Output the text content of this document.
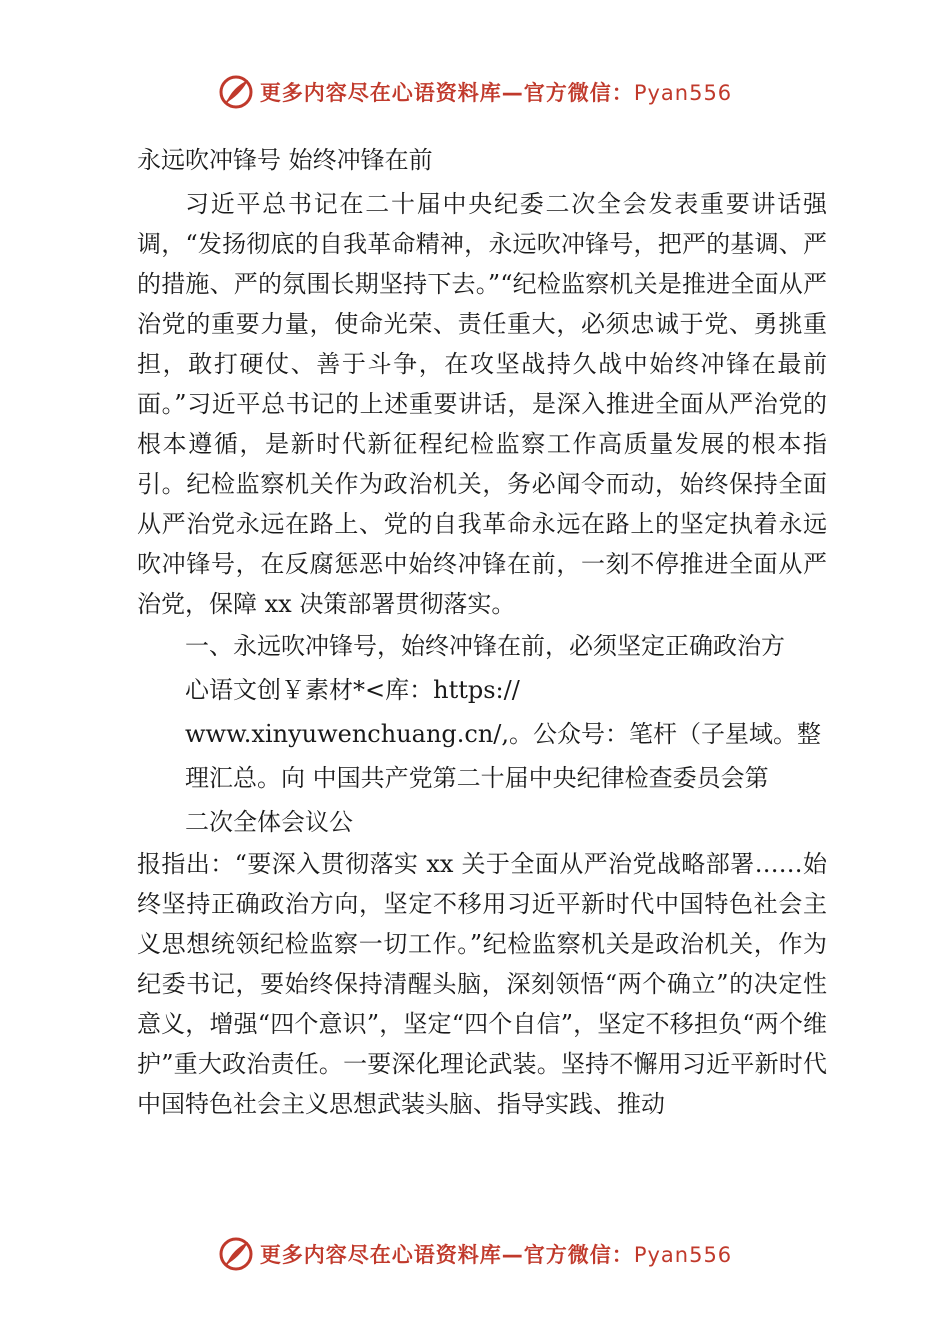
更多内容尽在心语资料库—官方微信：Pyan556
永远吹冲锋号 始终冲锋在前

习近平总书记在二十届中央纪委二次全会发表重要讲话强调，“发扬彻底的自我革命精神，永远吹冲锋号，把严的基调、严的措施、严的氛围长期坚持下去。”“纪检监察机关是推进全面从严治党的重要力量，使命光荣、责任重大，必须忠诚于党、勇挑重担，敢打硬仗、善于斗争，在攻坚战持久战中始终冲锋在最前面。”习近平总书记的上述重要讲话，是深入推进全面从严治党的根本遵循，是新时代新征程纪检监察工作高质量发展的根本指引。纪检监察机关作为政治机关，务必闻令而动，始终保持全面从严治党永远在路上、党的自我革命永远在路上的坚定执着永远吹冲锋号，在反腐惩恶中始终冲锋在前，一刻不停推进全面从严治党，保障 xx 决策部署贯彻落实。

一、永远吹冲锋号，始终冲锋在前，必须坚定正确政治方

心语文创￥素材*<库：https://

www.xinyuwenchuang.cn/,。公众号：笔杆（子星域。整

理汇总。向 中国共产党第二十届中央纪律检查委员会第

二次全体会议公

报指出：“要深入贯彻落实 xx 关于全面从严治党战略部署……始终坚持正确政治方向，坚定不移用习近平新时代中国特色社会主义思想统领纪检监察一切工作。”纪检监察机关是政治机关，作为纪委书记，要始终保持清醒头脑，深刻领悟“两个确立”的决定性意义，增强“四个意识”，坚定“四个自信”，坚定不移担负“两个维护”重大政治责任。一要深化理论武装。坚持不懈用习近平新时代中国特色社会主义思想武装头脑、指导实践、推动

更多内容尽在心语资料库—官方微信：Pyan556
